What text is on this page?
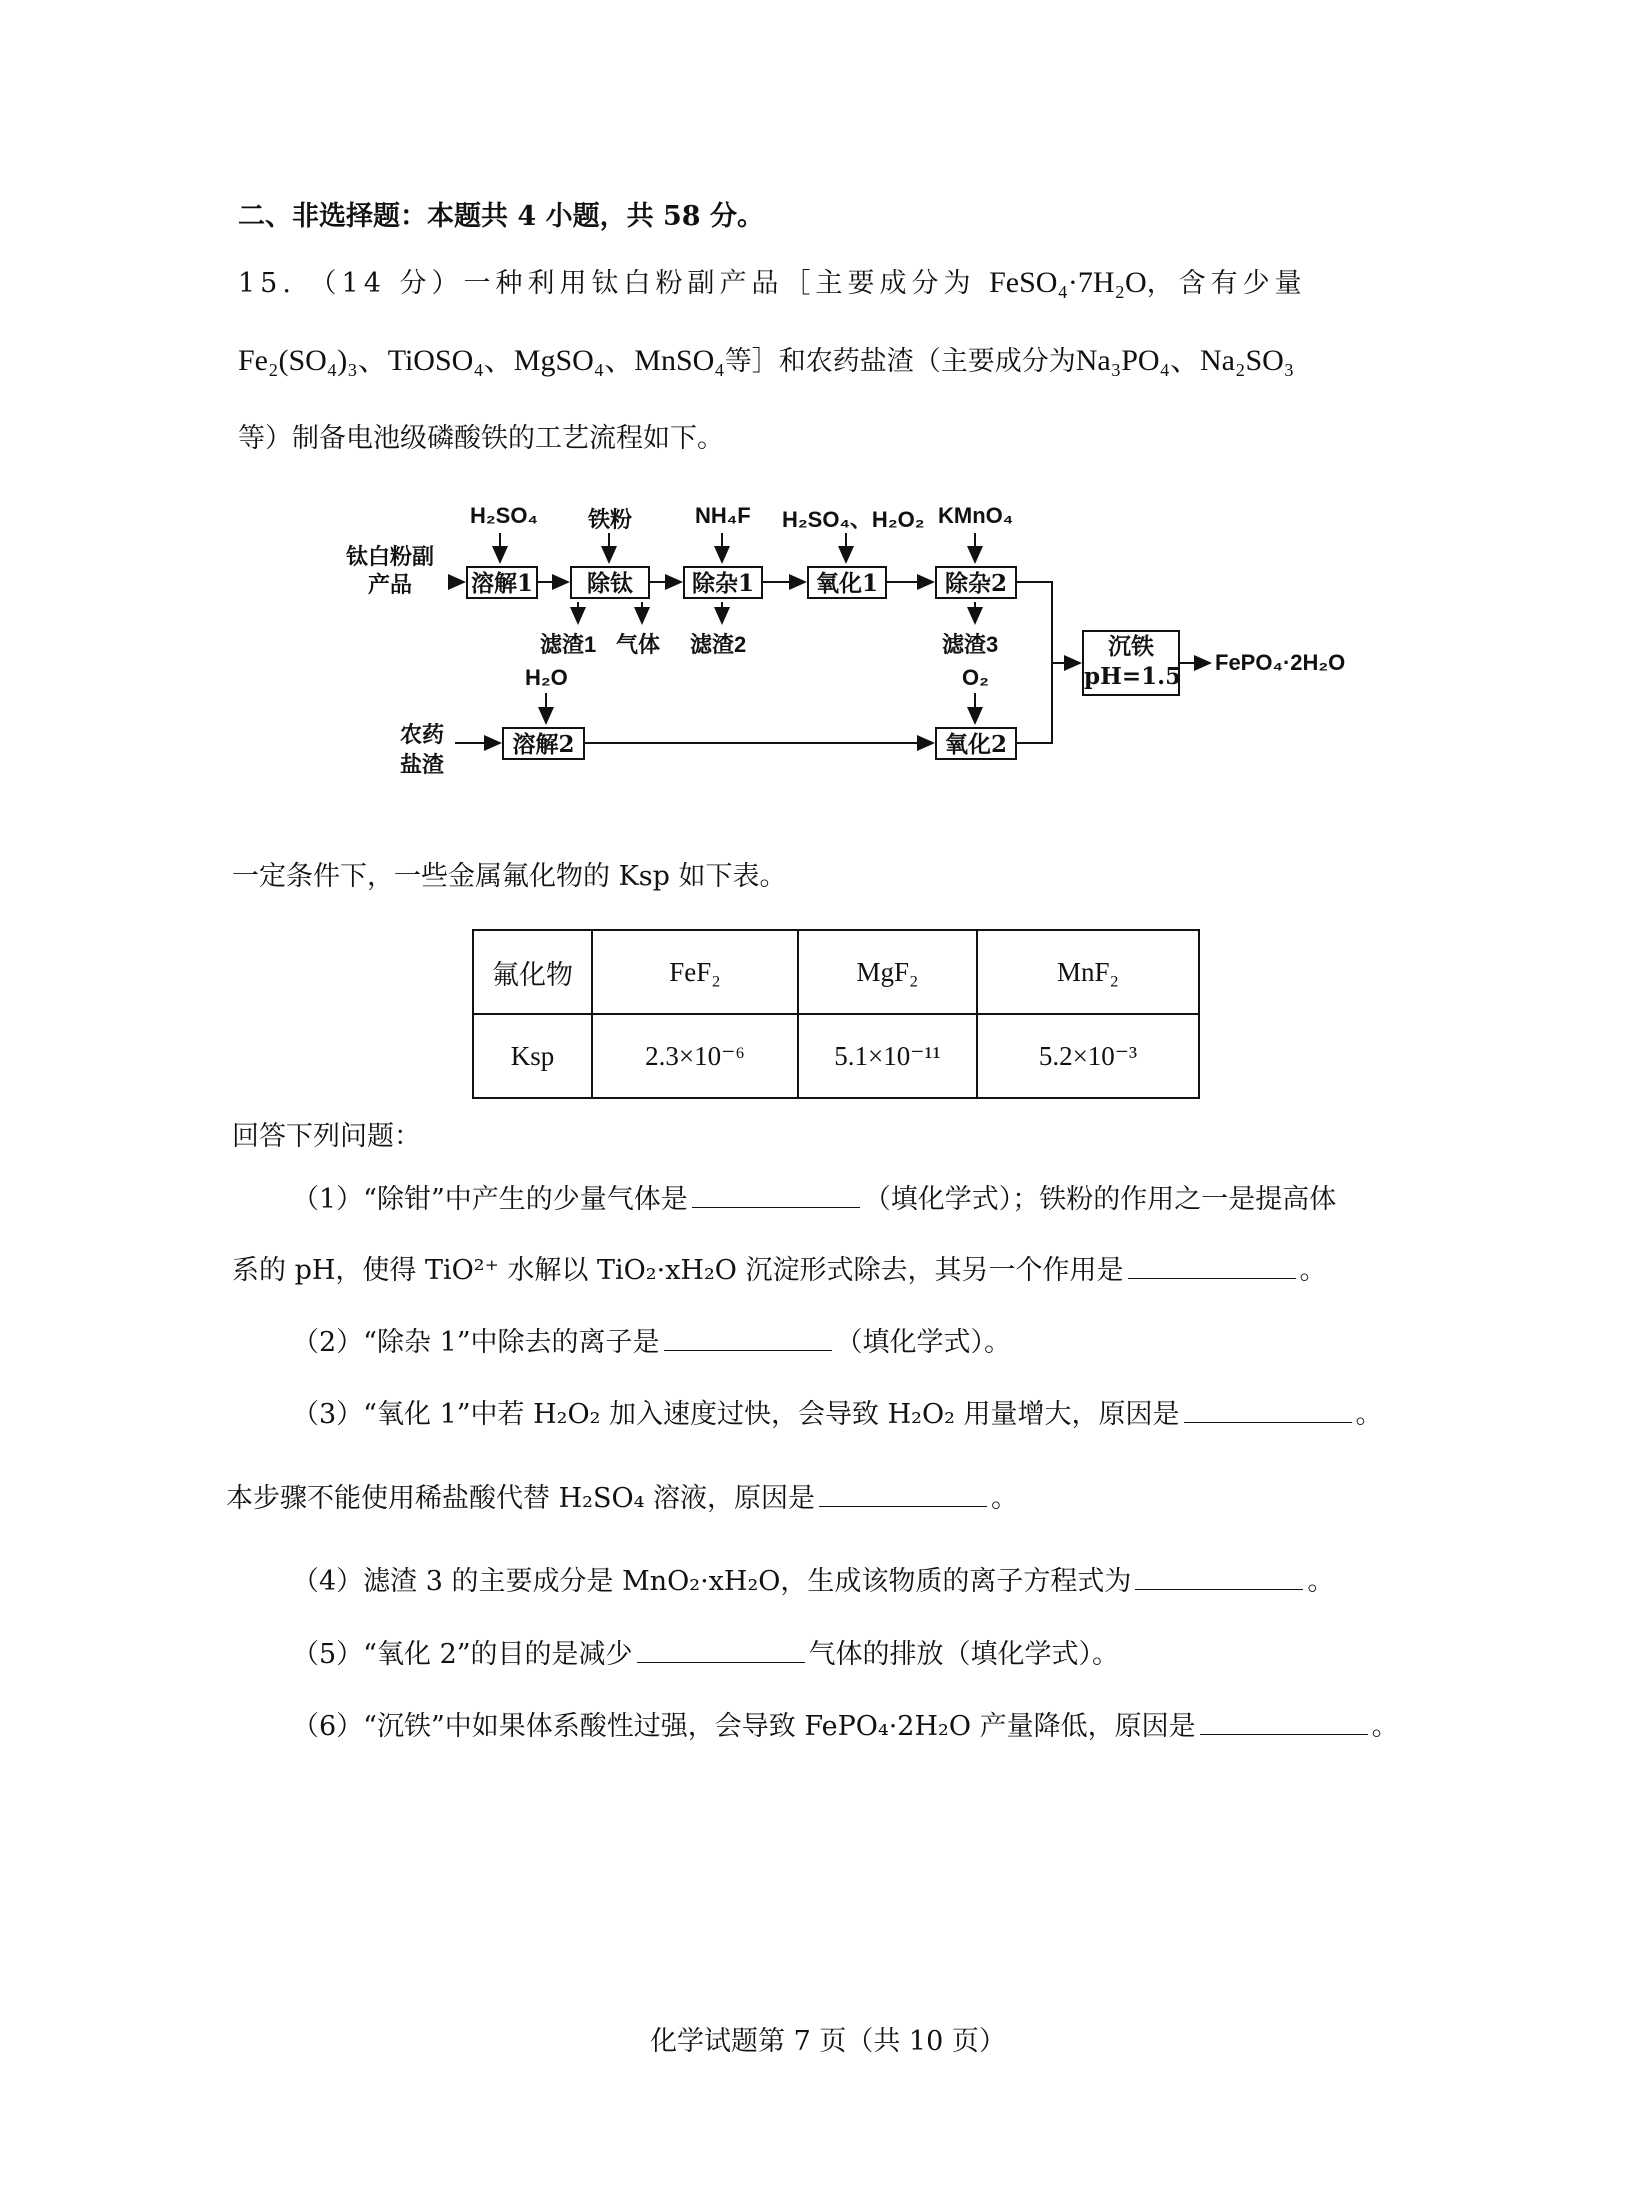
二、非选择题：本题共 4 小题，共 58 分。
15. （14 分）一种利用钛白粉副产品［主要成分为 FeSO₄·7H₂O，含有少量
Fe₂(SO₄)₃、TiOSO₄、MgSO₄、MnSO₄等］和农药盐渣（主要成分为Na₃PO₄、Na₂SO₃
等）制备电池级磷酸铁的工艺流程如下。
钛白粉副产品
H₂SO₄ 铁粉	NH₄F H₂SO₄、H₂O₂ KMnO₄
溶解1	除钛	除杂1	氧化1	除杂2
滤渣1 气体 滤渣2	滤渣3	沉铁
pH=1.5
FePO₄·2H₂O
H₂O	O₂
农药盐渣
溶解2	氧化2
一定条件下，一些金属氟化物的 Ksp 如下表。
氟化物	FeF₂	MgF₂	MnF₂
Ksp	2.3×10⁻⁶	5.1×10⁻¹¹	5.2×10⁻³
回答下列问题：
（1）“除钳”中产生的少量气体是	（填化学式）；铁粉的作用之一是提高体
系的 pH，使得 TiO²⁺ 水解以 TiO₂·xH₂O 沉淀形式除去，其另一个作用是	。
（2）“除杂 1”中除去的离子是	（填化学式）。
（3）“氧化 1”中若 H₂O₂ 加入速度过快，会导致 H₂O₂ 用量增大，原因是	。
本步骤不能使用稀盐酸代替 H₂SO₄ 溶液，原因是	。
（4）滤渣 3 的主要成分是 MnO₂·xH₂O，生成该物质的离子方程式为	。
（5）“氧化 2”的目的是减少	气体的排放（填化学式）。
（6）“沉铁”中如果体系酸性过强，会导致 FePO₄·2H₂O 产量降低，原因是	。
化学试题第 7 页（共 10 页）
